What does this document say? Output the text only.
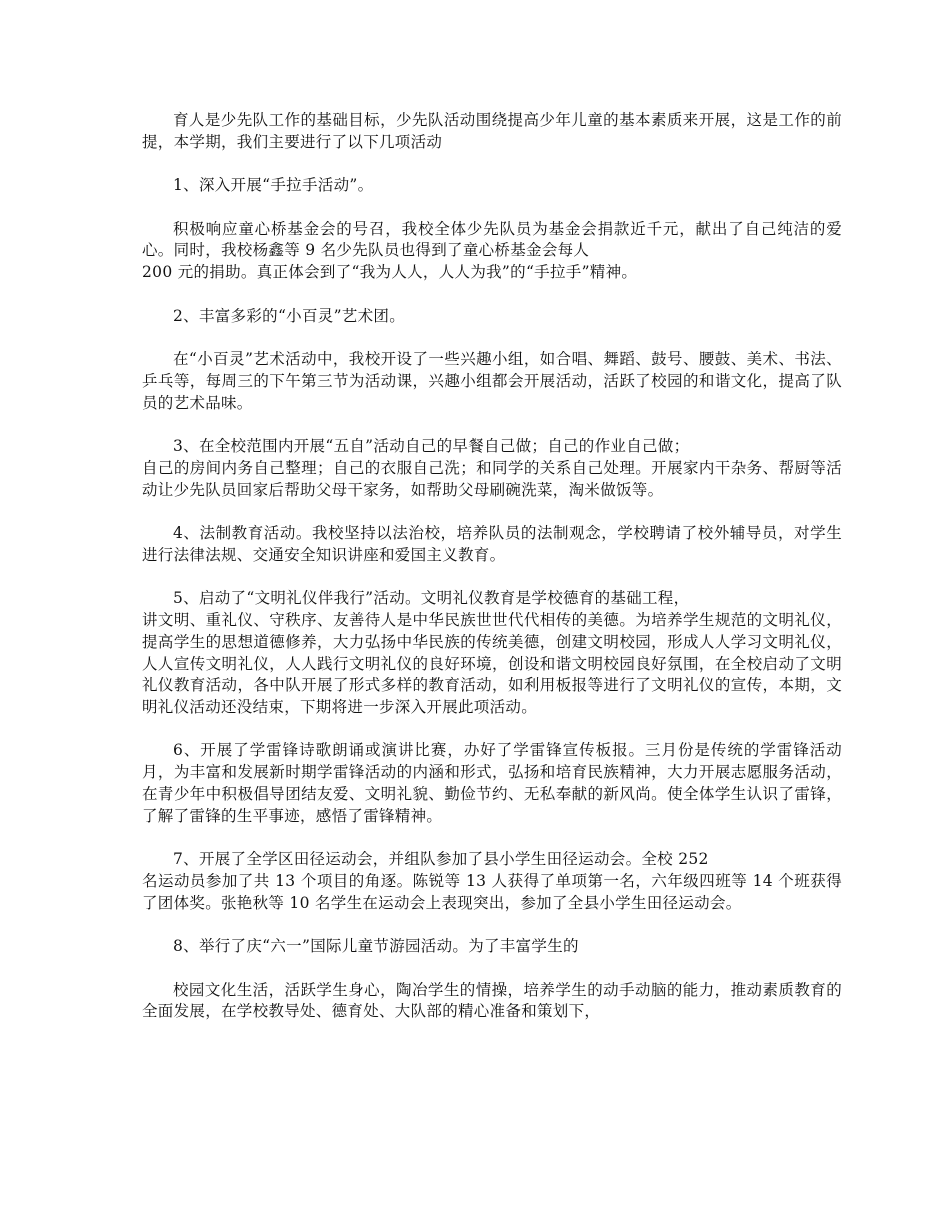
育人是少先队工作的基础目标，少先队活动围绕提高少年儿童的基本素质来开展，这是工作的前提，本学期，我们主要进行了以下几项活动

1、深入开展“手拉手活动”。

积极响应童心桥基金会的号召，我校全体少先队员为基金会捐款近千元，献出了自己纯洁的爱心。同时，我校杨鑫等 9 名少先队员也得到了童心桥基金会每人
200 元的捐助。真正体会到了“我为人人，人人为我”的“手拉手”精神。

2、丰富多彩的“小百灵”艺术团。

在“小百灵”艺术活动中，我校开设了一些兴趣小组，如合唱、舞蹈、鼓号、腰鼓、美术、书法、乒乓等，每周三的下午第三节为活动课，兴趣小组都会开展活动，活跃了校园的和谐文化，提高了队员的艺术品味。

3、在全校范围内开展“五自”活动自己的早餐自己做；自己的作业自己做；
自己的房间内务自己整理；自己的衣服自己洗；和同学的关系自己处理。开展家内干杂务、帮厨等活动让少先队员回家后帮助父母干家务，如帮助父母刷碗洗菜，淘米做饭等。

4、法制教育活动。我校坚持以法治校，培养队员的法制观念，学校聘请了校外辅导员，对学生进行法律法规、交通安全知识讲座和爱国主义教育。

5、启动了“文明礼仪伴我行”活动。文明礼仪教育是学校德育的基础工程，
讲文明、重礼仪、守秩序、友善待人是中华民族世世代代相传的美德。为培养学生规范的文明礼仪，提高学生的思想道德修养，大力弘扬中华民族的传统美德，创建文明校园，形成人人学习文明礼仪，人人宣传文明礼仪，人人践行文明礼仪的良好环境，创设和谐文明校园良好氛围，在全校启动了文明礼仪教育活动，各中队开展了形式多样的教育活动，如利用板报等进行了文明礼仪的宣传，本期，文明礼仪活动还没结束，下期将进一步深入开展此项活动。

6、开展了学雷锋诗歌朗诵或演讲比赛，办好了学雷锋宣传板报。三月份是传统的学雷锋活动月，为丰富和发展新时期学雷锋活动的内涵和形式，弘扬和培育民族精神，大力开展志愿服务活动，在青少年中积极倡导团结友爱、文明礼貌、勤俭节约、无私奉献的新风尚。使全体学生认识了雷锋，了解了雷锋的生平事迹，感悟了雷锋精神。

7、开展了全学区田径运动会，并组队参加了县小学生田径运动会。全校 252
名运动员参加了共 13 个项目的角逐。陈锐等 13 人获得了单项第一名，六年级四班等 14 个班获得了团体奖。张艳秋等 10 名学生在运动会上表现突出，参加了全县小学生田径运动会。

8、举行了庆“六一”国际儿童节游园活动。为了丰富学生的

校园文化生活，活跃学生身心，陶冶学生的情操，培养学生的动手动脑的能力，推动素质教育的全面发展，在学校教导处、德育处、大队部的精心准备和策划下，
